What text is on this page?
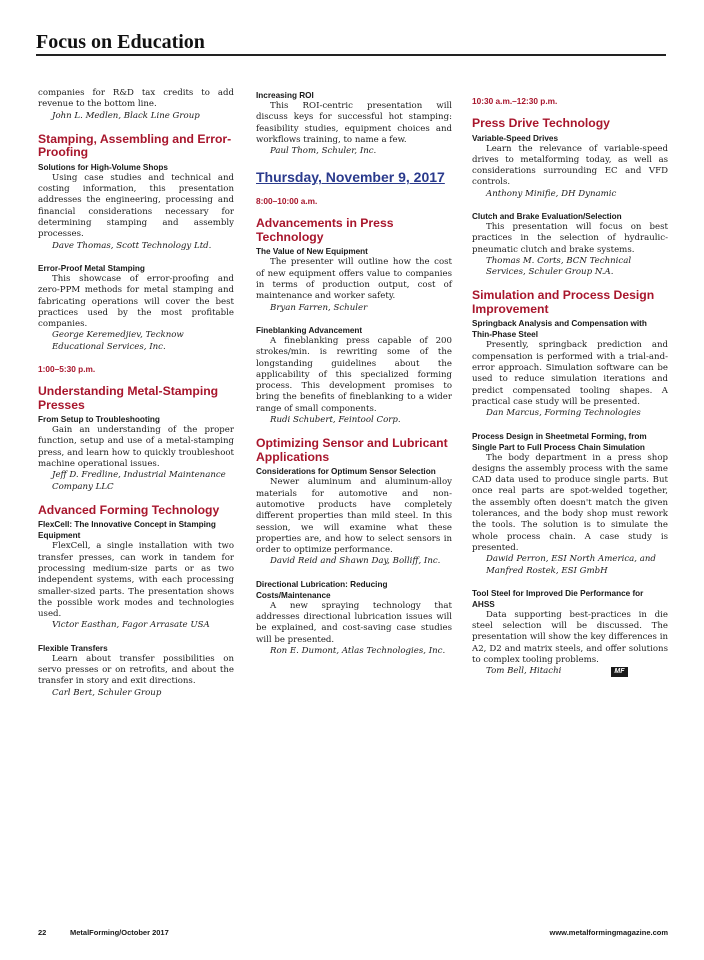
Focus on Education

companies for R&D tax credits to add revenue to the bottom line.

John L. Medlen, Black Line Group

Stamping, Assembling and Error-Proofing

Solutions for High-Volume Shops

Using case studies and technical and costing information, this presentation addresses the engineering, processing and financial considerations necessary for determining stamping and assembly processes.

Dave Thomas, Scott Technology Ltd.

Error-Proof Metal Stamping

This showcase of error-proofing and zero-PPM methods for metal stamping and fabricating operations will cover the best practices used by the most profitable companies.

George Keremedjiev, Tecknow Educational Services, Inc.

1:00–5:30 p.m.

Understanding Metal-Stamping Presses

From Setup to Troubleshooting

Gain an understanding of the proper function, setup and use of a metal-stamping press, and learn how to quickly troubleshoot machine operational issues.

Jeff D. Fredline, Industrial Maintenance Company LLC

Advanced Forming Technology

FlexCell: The Innovative Concept in Stamping Equipment

FlexCell, a single installation with two transfer presses, can work in tandem for processing medium-size parts or as two independent systems, with each processing smaller-sized parts. The presentation shows the possible work modes and technologies used.

Victor Easthan, Fagor Arrasate USA

Flexible Transfers

Learn about transfer possibilities on servo presses or on retrofits, and about the transfer in story and exit directions.

Carl Bert, Schuler Group

Increasing ROI

This ROI-centric presentation will discuss keys for successful hot stamping: feasibility studies, equipment choices and workflows training, to name a few.

Paul Thom, Schuler, Inc.

Thursday, November 9, 2017

8:00–10:00 a.m.

Advancements in Press Technology

The Value of New Equipment

The presenter will outline how the cost of new equipment offers value to companies in terms of production output, cost of maintenance and worker safety.

Bryan Farren, Schuler

Fineblanking Advancement

A fineblanking press capable of 200 strokes/min. is rewriting some of the longstanding guidelines about the applicability of this specialized forming process. This development promises to bring the benefits of fineblanking to a wider range of small components.

Rudi Schubert, Feintool Corp.

Optimizing Sensor and Lubricant Applications

Considerations for Optimum Sensor Selection

Newer aluminum and aluminum-alloy materials for automotive and non-automotive products have completely different properties than mild steel. In this session, we will examine what these properties are, and how to select sensors in order to optimize performance.

David Reid and Shawn Day, Bolliff, Inc.

Directional Lubrication: Reducing Costs/Maintenance

A new spraying technology that addresses directional lubrication issues will be explained, and cost-saving case studies will be presented.

Ron E. Dumont, Atlas Technologies, Inc.

10:30 a.m.–12:30 p.m.

Press Drive Technology

Variable-Speed Drives

Learn the relevance of variable-speed drives to metalforming today, as well as considerations surrounding EC and VFD controls.

Anthony Minifie, DH Dynamic

Clutch and Brake Evaluation/Selection

This presentation will focus on best practices in the selection of hydraulic-pneumatic clutch and brake systems.

Thomas M. Corts, BCN Technical Services, Schuler Group N.A.

Simulation and Process Design Improvement

Springback Analysis and Compensation with Thin-Phase Steel

Presently, springback prediction and compensation is performed with a trial-and-error approach. Simulation software can be used to reduce simulation iterations and predict compensated tooling shapes. A practical case study will be presented.

Dan Marcus, Forming Technologies

Process Design in Sheetmetal Forming, from Single Part to Full Process Chain Simulation

The body department in a press shop designs the assembly process with the same CAD data used to produce single parts. But once real parts are spot-welded together, the assembly often doesn't match the given tolerances, and the body shop must rework the tools. The solution is to simulate the whole process chain. A case study is presented.

Dawid Perron, ESI North America, and Manfred Rostek, ESI GmbH

Tool Steel for Improved Die Performance for AHSS

Data supporting best-practices in die steel selection will be discussed. The presentation will show the key differences in A2, D2 and matrix steels, and offer solutions to complex tooling problems.

Tom Bell, Hitachi	MF

22	MetalForming/October 2017	www.metalformingmagazine.com
